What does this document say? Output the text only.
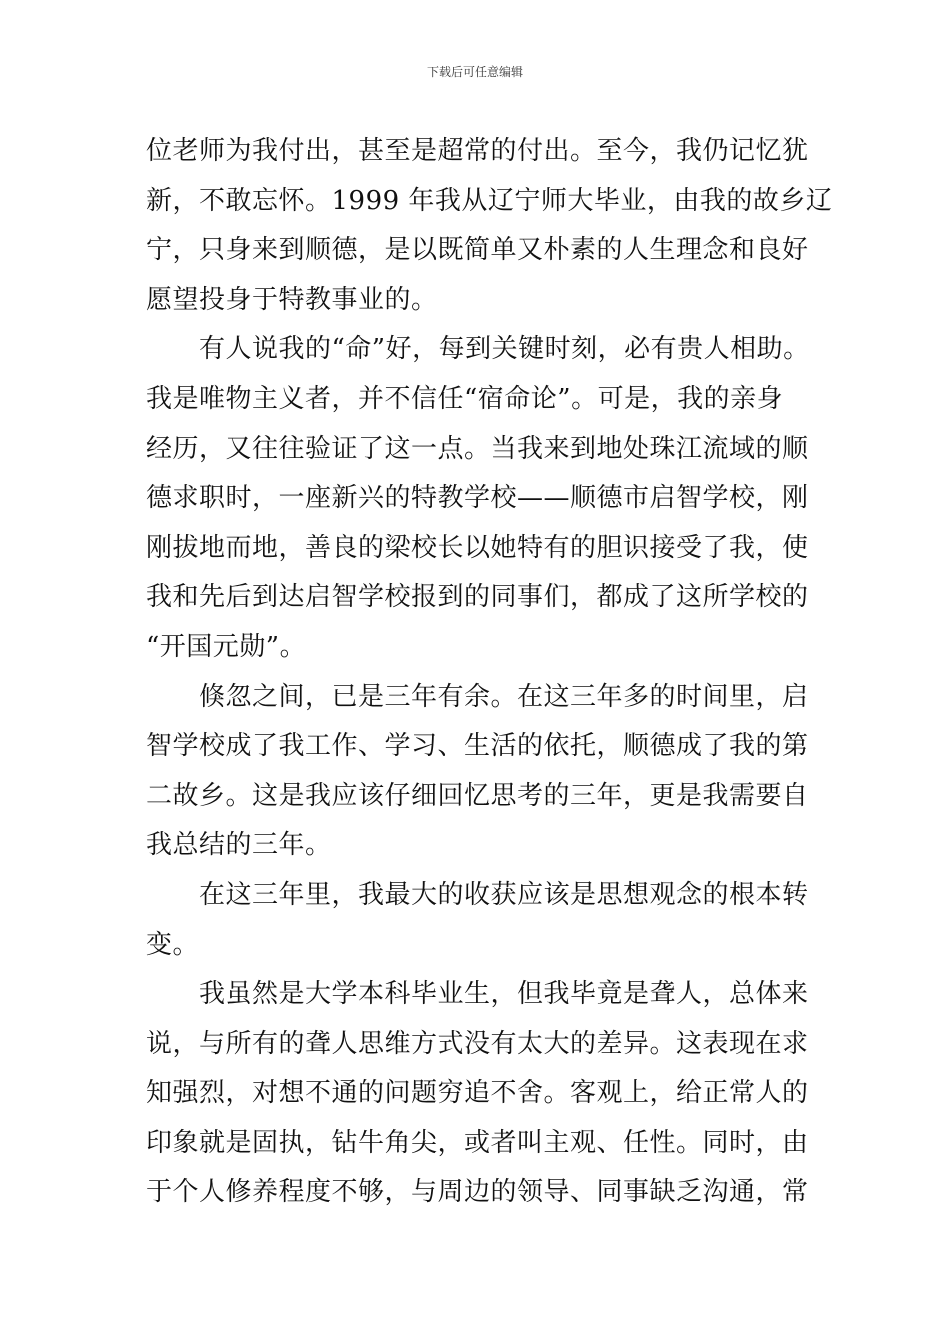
下载后可任意编辑
位老师为我付出，甚至是超常的付出。至今，我仍记忆犹
新，不敢忘怀。1999 年我从辽宁师大毕业，由我的故乡辽
宁，只身来到顺德，是以既简单又朴素的人生理念和良好
愿望投身于特教事业的。
　　有人说我的“命”好，每到关键时刻，必有贵人相助。
我是唯物主义者，并不信任“宿命论”。可是，我的亲身
经历，又往往验证了这一点。当我来到地处珠江流域的顺
德求职时，一座新兴的特教学校——顺德市启智学校，刚
刚拔地而地，善良的梁校长以她特有的胆识接受了我，使
我和先后到达启智学校报到的同事们，都成了这所学校的
“开国元勋”。
　　倏忽之间，已是三年有余。在这三年多的时间里，启
智学校成了我工作、学习、生活的依托，顺德成了我的第
二故乡。这是我应该仔细回忆思考的三年，更是我需要自
我总结的三年。
　　在这三年里，我最大的收获应该是思想观念的根本转
变。
　　我虽然是大学本科毕业生，但我毕竟是聋人，总体来
说，与所有的聋人思维方式没有太大的差异。这表现在求
知强烈，对想不通的问题穷追不舍。客观上，给正常人的
印象就是固执，钻牛角尖，或者叫主观、任性。同时，由
于个人修养程度不够，与周边的领导、同事缺乏沟通，常
